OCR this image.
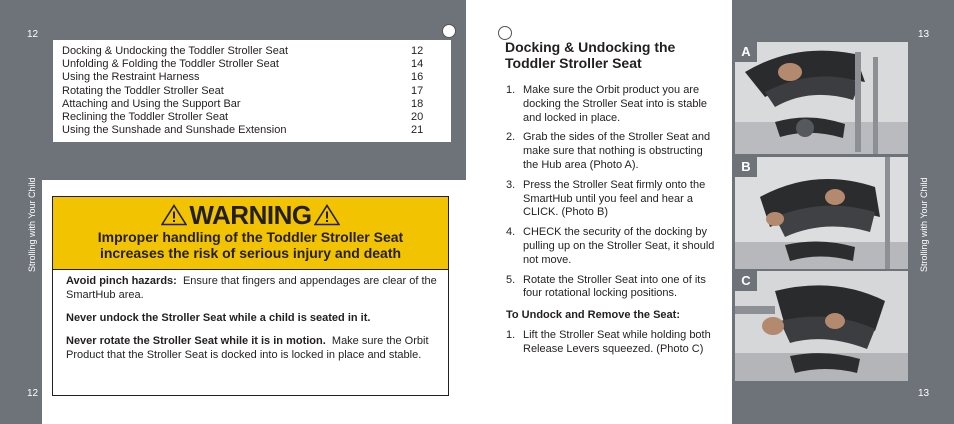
12
12
Strolling with Your Child
Docking & Undocking the Toddler Stroller Seat	12
Unfolding & Folding the Toddler Stroller Seat	14
Using the Restraint Harness	16
Rotating the Toddler Stroller Seat	17
Attaching and Using the Support Bar	18
Reclining the Toddler Stroller Seat	20
Using the Sunshade and Sunshade Extension	21
WARNING
Improper handling of the Toddler Stroller Seat
increases the risk of serious injury and death

Avoid pinch hazards: Ensure that fingers and appendages are clear of the SmartHub area.

Never undock the Stroller Seat while a child is seated in it.

Never rotate the Stroller Seat while it is in motion. Make sure the Orbit Product that the Stroller Seat is docked into is locked in place and stable.

Docking & Undocking the Toddler Stroller Seat
1. Make sure the Orbit product you are docking the Stroller Seat into is stable and locked in place.
2. Grab the sides of the Stroller Seat and make sure that nothing is obstructing the Hub area (Photo A).
3. Press the Stroller Seat firmly onto the SmartHub until you feel and hear a CLICK. (Photo B)
4. CHECK the security of the docking by pulling up on the Stroller Seat, it should not move.
5. Rotate the Stroller Seat into one of its four rotational locking positions.
To Undock and Remove the Seat:
1. Lift the Stroller Seat while holding both Release Levers squeezed. (Photo C)
13
13
Strolling with Your Child
A
B
C
